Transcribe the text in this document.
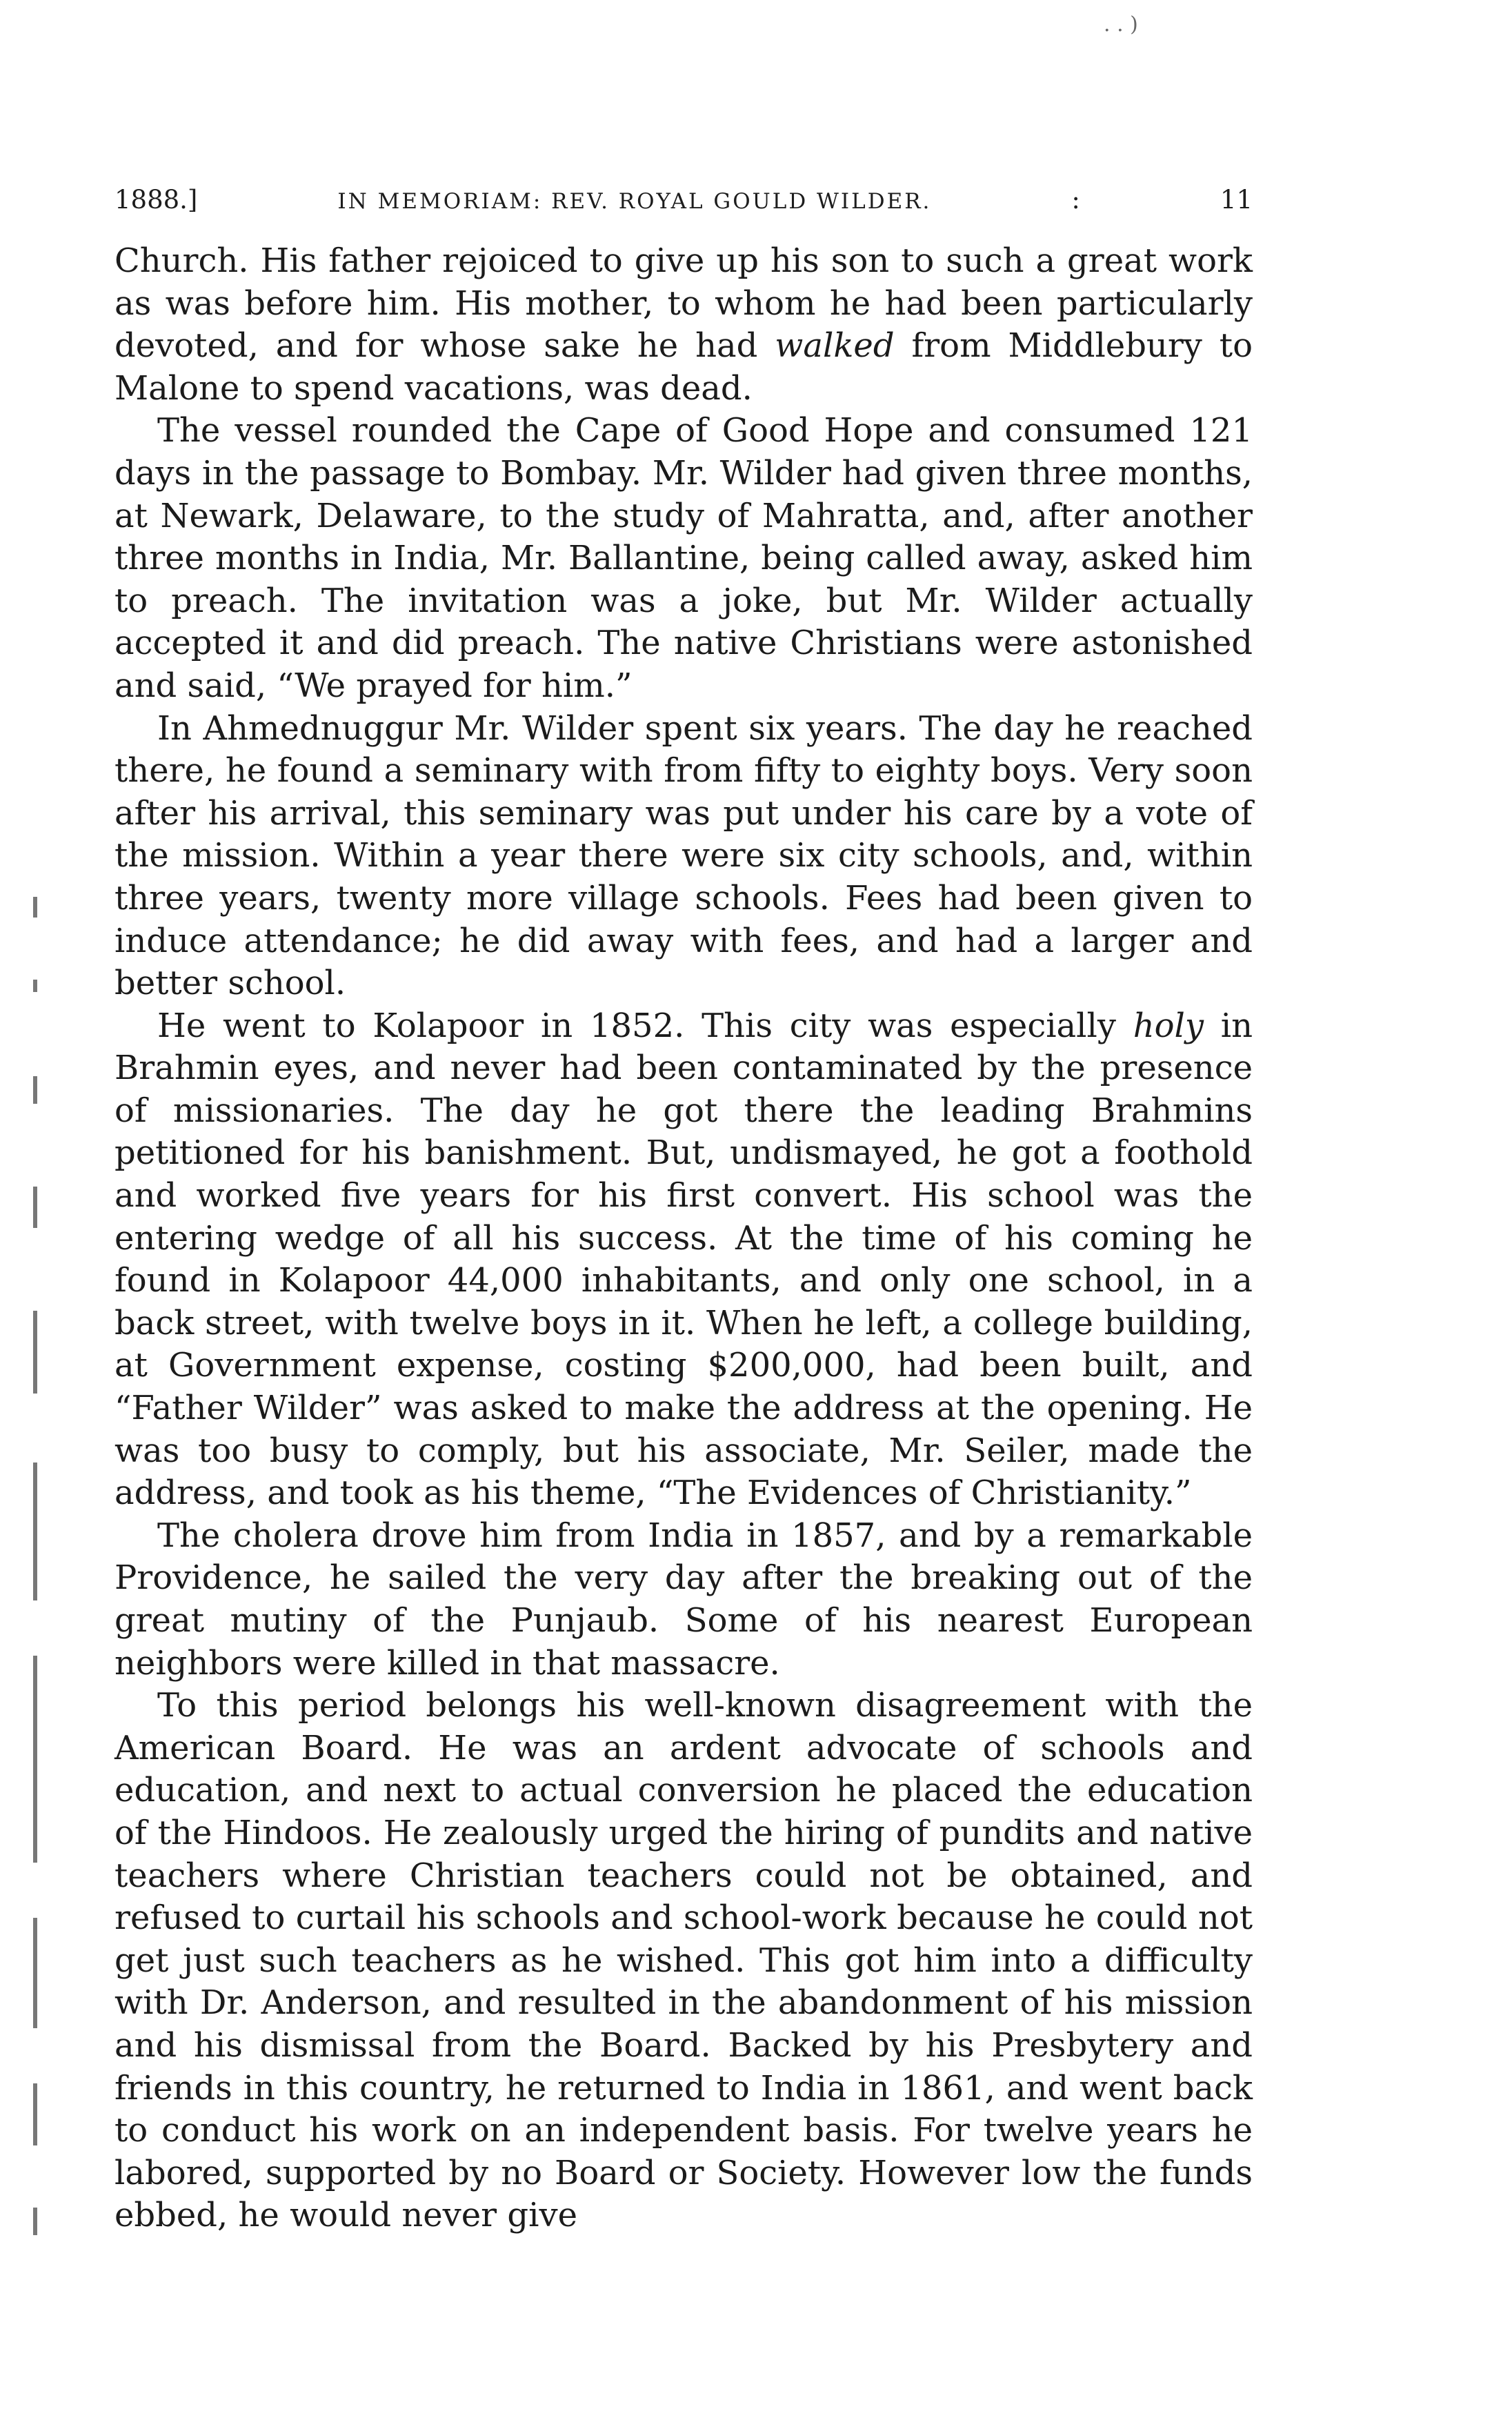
. . )
1888.]	IN MEMORIAM: REV. ROYAL GOULD WILDER.	:	11

Church. His father rejoiced to give up his son to such a great work as was before him. His mother, to whom he had been particularly devoted, and for whose sake he had walked from Middlebury to Malone to spend vacations, was dead.

The vessel rounded the Cape of Good Hope and consumed 121 days in the passage to Bombay. Mr. Wilder had given three months, at Newark, Delaware, to the study of Mahratta, and, after another three months in India, Mr. Ballantine, being called away, asked him to preach. The invitation was a joke, but Mr. Wilder actually accepted it and did preach. The native Christians were astonished and said, “We prayed for him.”

In Ahmednuggur Mr. Wilder spent six years. The day he reached there, he found a seminary with from fifty to eighty boys. Very soon after his arrival, this seminary was put under his care by a vote of the mission. Within a year there were six city schools, and, within three years, twenty more village schools. Fees had been given to induce attendance; he did away with fees, and had a larger and better school.

He went to Kolapoor in 1852. This city was especially holy in Brahmin eyes, and never had been contaminated by the presence of missionaries. The day he got there the leading Brahmins petitioned for his banishment. But, undismayed, he got a foothold and worked five years for his first convert. His school was the entering wedge of all his success. At the time of his coming he found in Kolapoor 44,000 inhabitants, and only one school, in a back street, with twelve boys in it. When he left, a college building, at Government expense, costing $200,000, had been built, and “Father Wilder” was asked to make the address at the opening. He was too busy to comply, but his associate, Mr. Seiler, made the address, and took as his theme, “The Evidences of Christianity.”

The cholera drove him from India in 1857, and by a remarkable Providence, he sailed the very day after the breaking out of the great mutiny of the Punjaub. Some of his nearest European neighbors were killed in that massacre.

To this period belongs his well-known disagreement with the American Board. He was an ardent advocate of schools and education, and next to actual conversion he placed the education of the Hindoos. He zealously urged the hiring of pundits and native teachers where Christian teachers could not be obtained, and refused to curtail his schools and school-work because he could not get just such teachers as he wished. This got him into a difficulty with Dr. Anderson, and resulted in the abandonment of his mission and his dismissal from the Board. Backed by his Presbytery and friends in this country, he returned to India in 1861, and went back to conduct his work on an independent basis. For twelve years he labored, supported by no Board or Society. However low the funds ebbed, he would never give
